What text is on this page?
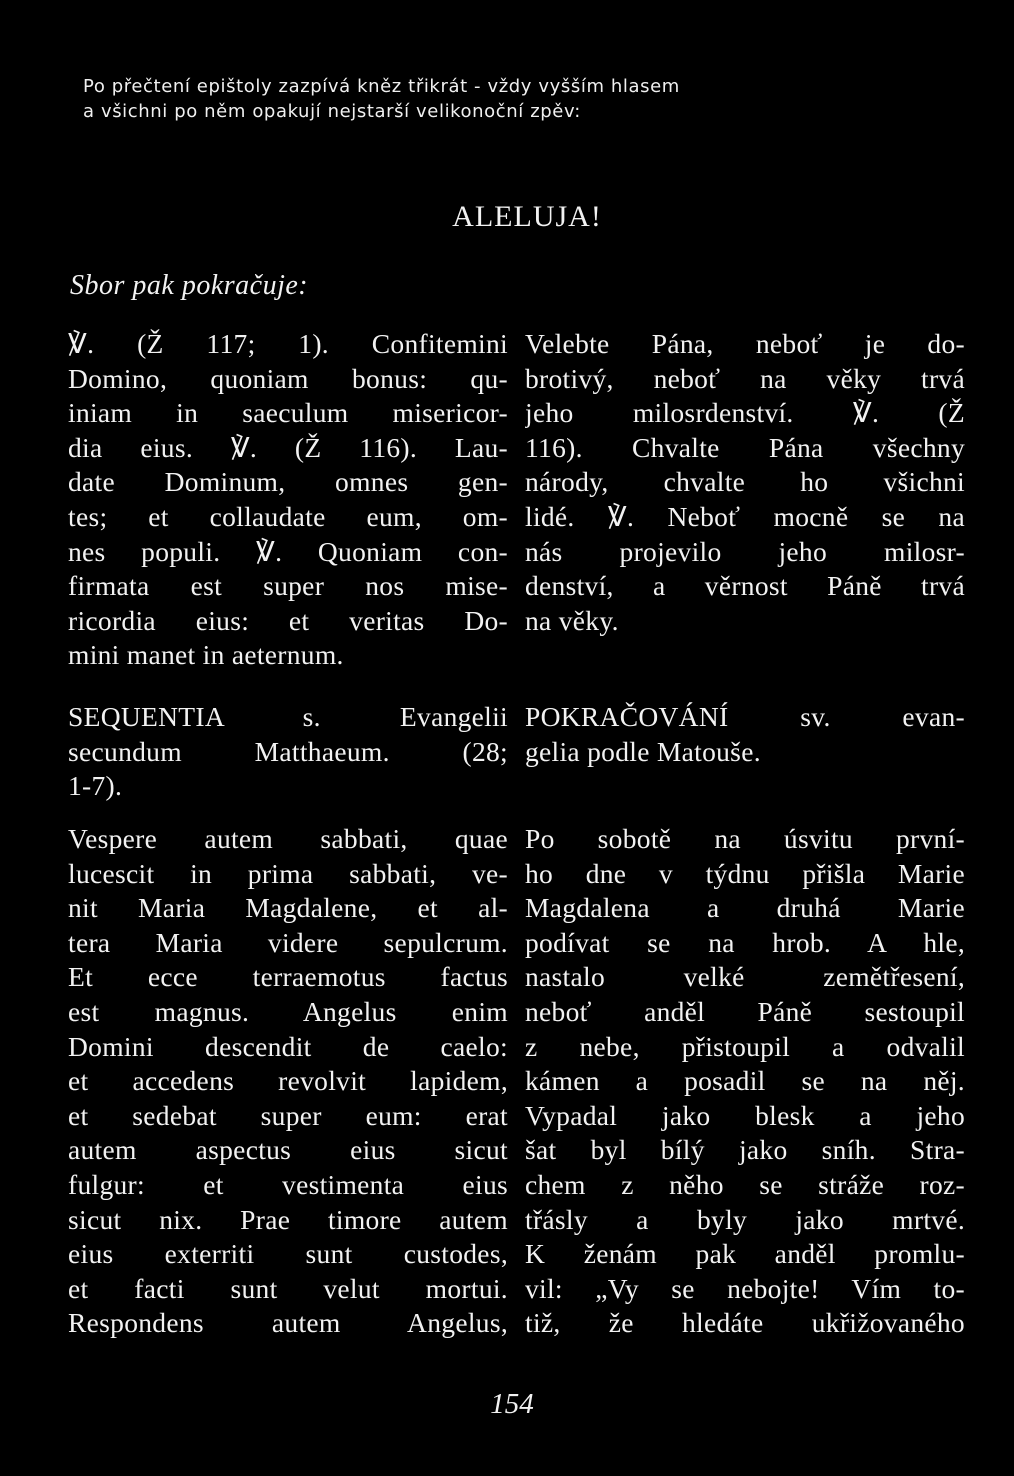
Po přečtení epištoly zazpívá kněz třikrát - vždy vyšším hlasem
a všichni po něm opakují nejstarší velikonoční zpěv:
ALELUJA!
Sbor pak pokračuje:
℣. (Ž 117; 1). Confitemini
Domino, quoniam bonus: qu-
iniam in saeculum misericor-
dia eius. ℣. (Ž 116). Lau-
date Dominum, omnes gen-
tes; et collaudate eum, om-
nes populi. ℣. Quoniam con-
firmata est super nos mise-
ricordia eius: et veritas Do-
mini manet in aeternum.
Velebte Pána, neboť je do-
brotivý, neboť na věky trvá
jeho milosrdenství. ℣. (Ž
116). Chvalte Pána všechny
národy, chvalte ho všichni
lidé. ℣. Neboť mocně se na
nás projevilo jeho milosr-
denství, a věrnost Páně trvá
na věky.
SEQUENTIA s. Evangelii
secundum Matthaeum. (28;
1-7).
POKRAČOVÁNÍ sv. evan-
gelia podle Matouše.
Vespere autem sabbati, quae
lucescit in prima sabbati, ve-
nit Maria Magdalene, et al-
tera Maria videre sepulcrum.
Et ecce terraemotus factus
est magnus. Angelus enim
Domini descendit de caelo:
et accedens revolvit lapidem,
et sedebat super eum: erat
autem aspectus eius sicut
fulgur: et vestimenta eius
sicut nix. Prae timore autem
eius exterriti sunt custodes,
et facti sunt velut mortui.
Respondens autem Angelus,
Po sobotě na úsvitu první-
ho dne v týdnu přišla Marie
Magdalena a druhá Marie
podívat se na hrob. A hle,
nastalo velké zemětřesení,
neboť anděl Páně sestoupil
z nebe, přistoupil a odvalil
kámen a posadil se na něj.
Vypadal jako blesk a jeho
šat byl bílý jako sníh. Stra-
chem z něho se stráže roz-
třásly a byly jako mrtvé.
K ženám pak anděl promlu-
vil: „Vy se nebojte! Vím to-
tiž, že hledáte ukřižovaného
154
